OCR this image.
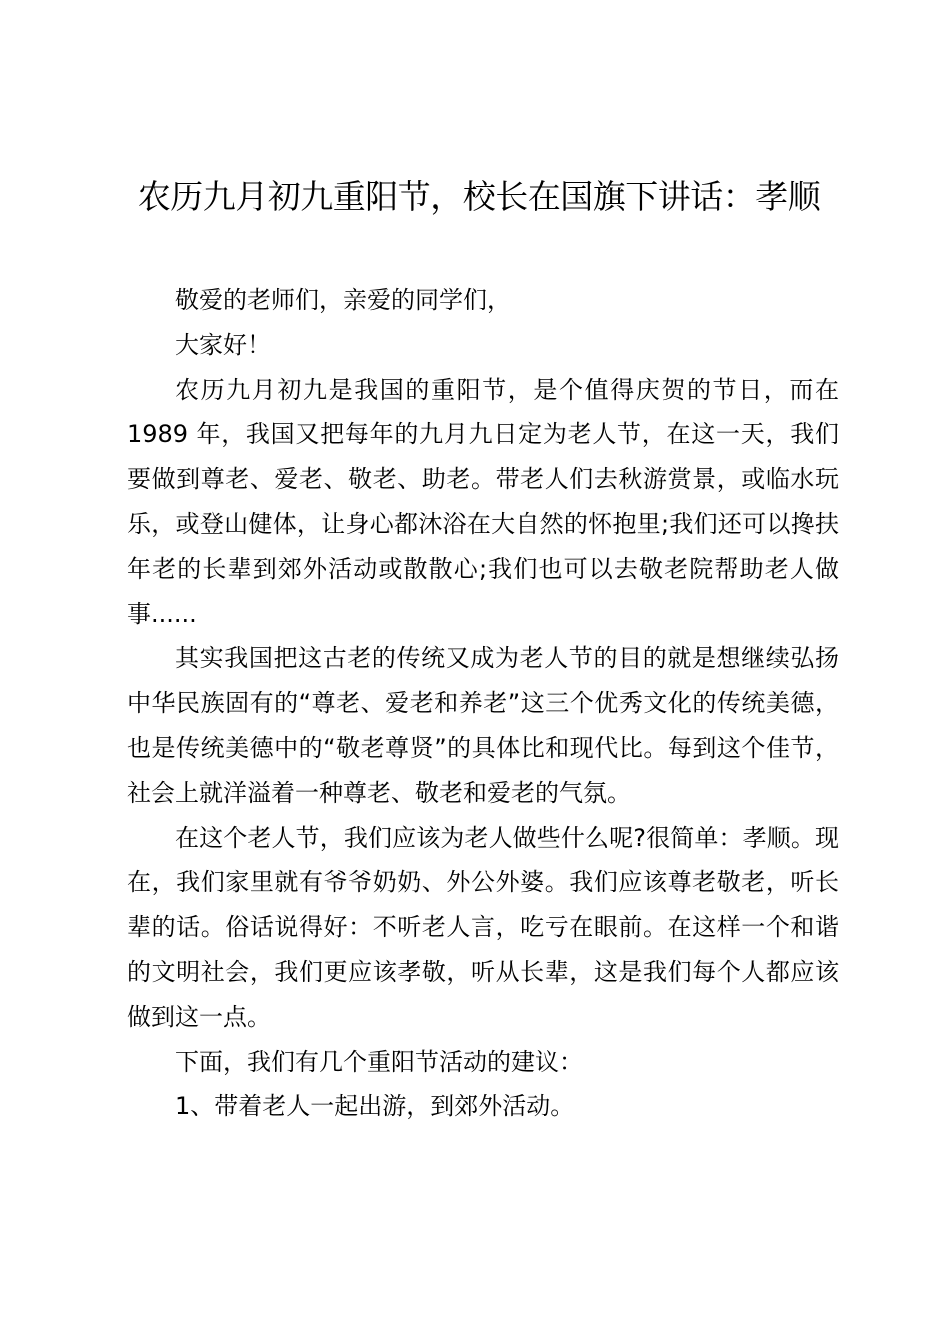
农历九月初九重阳节，校长在国旗下讲话：孝顺

敬爱的老师们，亲爱的同学们，

大家好！

农历九月初九是我国的重阳节，是个值得庆贺的节日，而在 1989 年，我国又把每年的九月九日定为老人节，在这一天，我们要做到尊老、爱老、敬老、助老。带老人们去秋游赏景，或临水玩乐，或登山健体，让身心都沐浴在大自然的怀抱里;我们还可以搀扶年老的长辈到郊外活动或散散心;我们也可以去敬老院帮助老人做事......

其实我国把这古老的传统又成为老人节的目的就是想继续弘扬中华民族固有的“尊老、爱老和养老”这三个优秀文化的传统美德，也是传统美德中的“敬老尊贤”的具体比和现代比。每到这个佳节，社会上就洋溢着一种尊老、敬老和爱老的气氛。

在这个老人节，我们应该为老人做些什么呢?很简单：孝顺。现在，我们家里就有爷爷奶奶、外公外婆。我们应该尊老敬老，听长辈的话。俗话说得好：不听老人言，吃亏在眼前。在这样一个和谐的文明社会，我们更应该孝敬，听从长辈，这是我们每个人都应该做到这一点。

下面，我们有几个重阳节活动的建议：

1、带着老人一起出游，到郊外活动。
